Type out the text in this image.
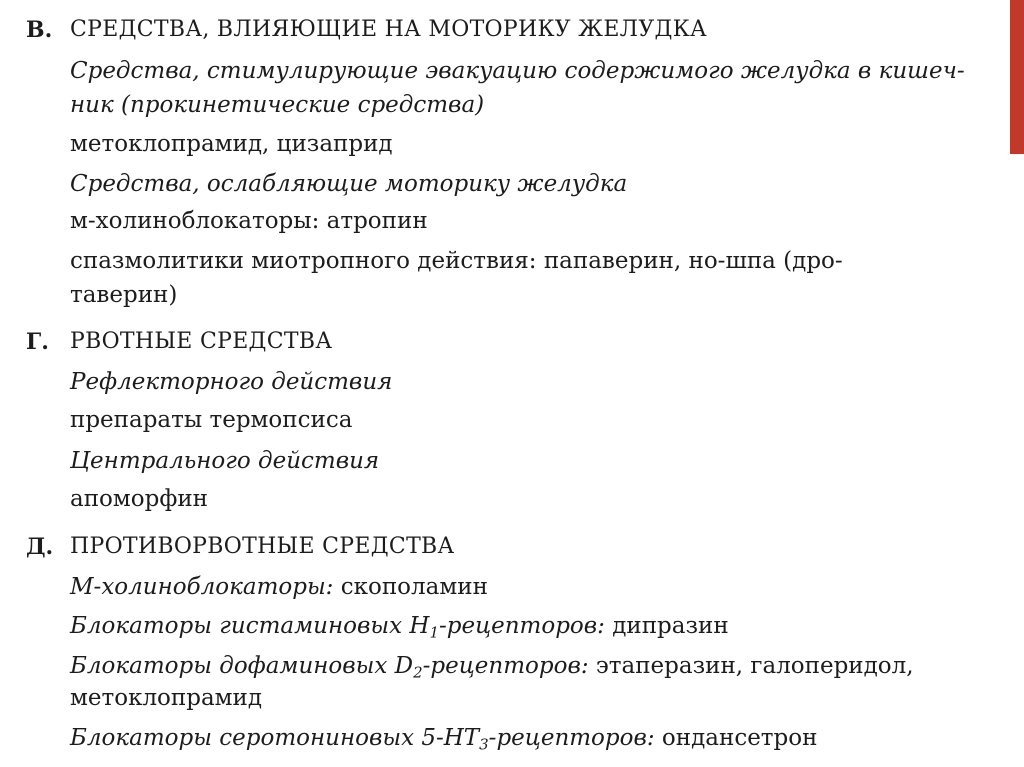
В. СРЕДСТВА, ВЛИЯЮЩИЕ НА МОТОРИКУ ЖЕЛУДКА
Средства, стимулирующие эвакуацию содержимого желудка в кишеч-
ник (прокинетические средства)
метоклопрамид, цизаприд
Средства, ослабляющие моторику желудка
м-холиноблокаторы: атропин
спазмолитики миотропного действия: папаверин, но-шпа (дро-
таверин)
Г. РВОТНЫЕ СРЕДСТВА
Рефлекторного действия
препараты термопсиса
Центрального действия
апоморфин
Д. ПРОТИВОРВОТНЫЕ СРЕДСТВА
М-холиноблокаторы: скополамин
Блокаторы гистаминовых $H_1$-рецепторов: дипразин
Блокаторы дофаминовых $D_2$-рецепторов: этаперазин, галоперидол,
метоклопрамид
Блокаторы серотониновых $5-HT_3$-рецепторов: ондансетрон
